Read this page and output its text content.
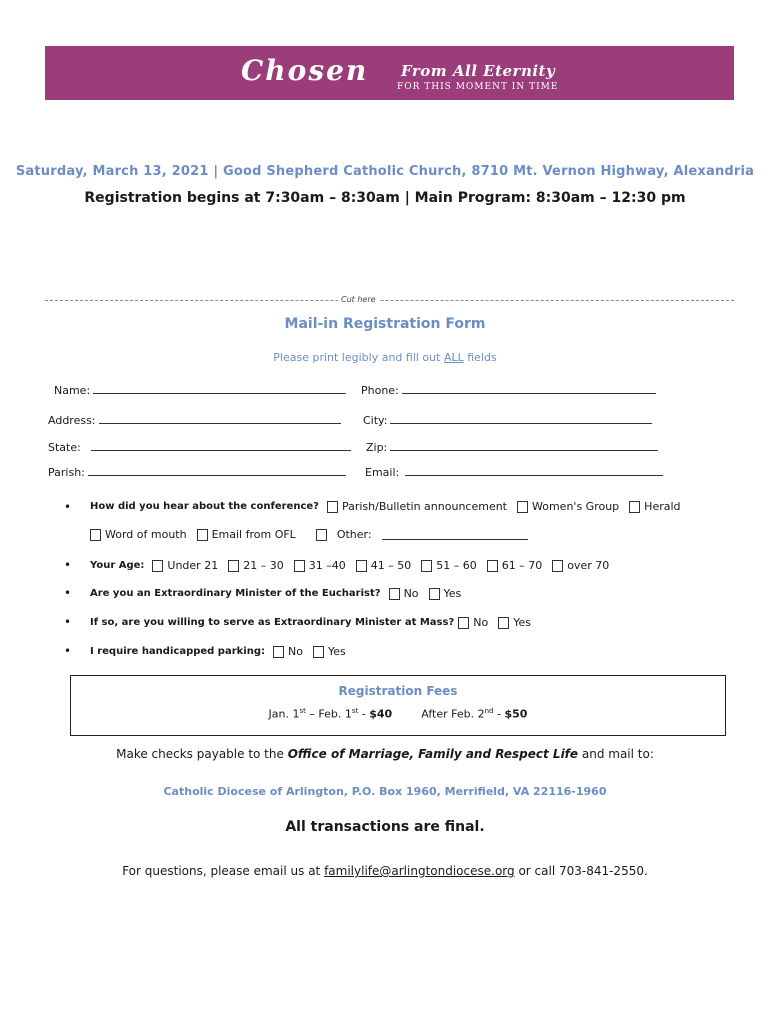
Chosen From All Eternity
FOR THIS MOMENT IN TIME
Saturday, March 13, 2021 | Good Shepherd Catholic Church, 8710 Mt. Vernon Highway, Alexandria
Registration begins at 7:30am – 8:30am | Main Program: 8:30am – 12:30 pm
Cut here
Mail-in Registration Form
Please print legibly and fill out ALL fields
Name:	Phone:
Address:	City:
State:	Zip:
Parish:	Email:
• How did you hear about the conference? Parish/Bulletin announcement Women's Group Herald
Word of mouth Email from OFL	Other:
• Your Age: Under 21 21 – 30 31 –40 41 – 50 51 – 60 61 – 70 over 70
• Are you an Extraordinary Minister of the Eucharist? No Yes
• If so, are you willing to serve as Extraordinary Minister at Mass? No Yes
• I require handicapped parking: No Yes
Registration Fees
Jan. 1st – Feb. 1st - $40	After Feb. 2nd - $50
Make checks payable to the Office of Marriage, Family and Respect Life and mail to:
Catholic Diocese of Arlington, P.O. Box 1960, Merrifield, VA 22116-1960
All transactions are final.
For questions, please email us at familylife@arlingtondiocese.org or call 703-841-2550.
